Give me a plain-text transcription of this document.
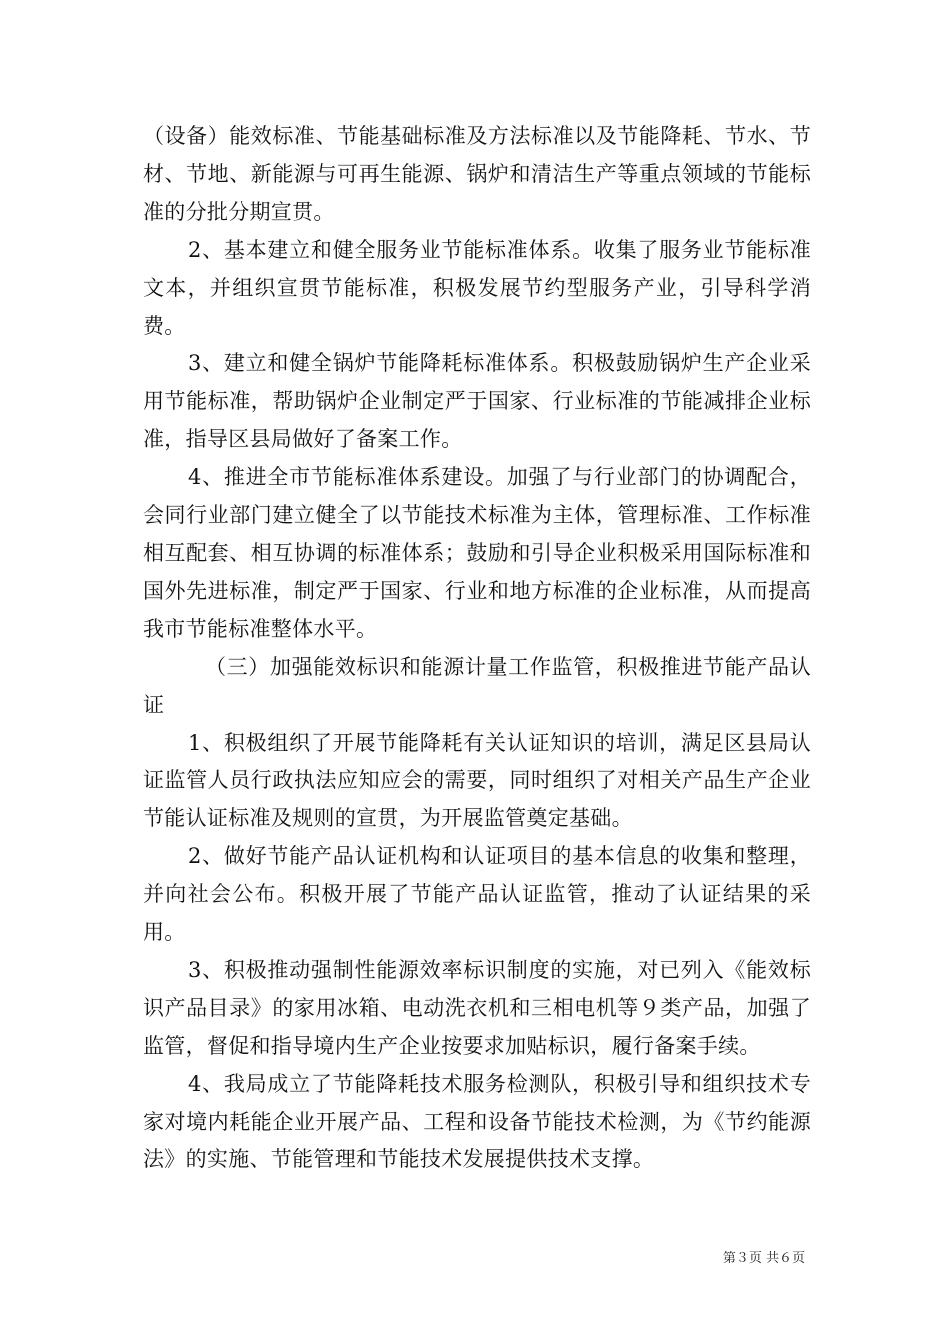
（设备）能效标准、节能基础标准及方法标准以及节能降耗、节水、节材、节地、新能源与可再生能源、锅炉和清洁生产等重点领域的节能标准的分批分期宣贯。

2、基本建立和健全服务业节能标准体系。收集了服务业节能标准文本，并组织宣贯节能标准，积极发展节约型服务产业，引导科学消费。

3、建立和健全锅炉节能降耗标准体系。积极鼓励锅炉生产企业采用节能标准，帮助锅炉企业制定严于国家、行业标准的节能减排企业标准，指导区县局做好了备案工作。

4、推进全市节能标准体系建设。加强了与行业部门的协调配合，会同行业部门建立健全了以节能技术标准为主体，管理标准、工作标准相互配套、相互协调的标准体系；鼓励和引导企业积极采用国际标准和国外先进标准，制定严于国家、行业和地方标准的企业标准，从而提高我市节能标准整体水平。

（三）加强能效标识和能源计量工作监管，积极推进节能产品认证

1、积极组织了开展节能降耗有关认证知识的培训，满足区县局认证监管人员行政执法应知应会的需要，同时组织了对相关产品生产企业节能认证标准及规则的宣贯，为开展监管奠定基础。

2、做好节能产品认证机构和认证项目的基本信息的收集和整理，并向社会公布。积极开展了节能产品认证监管，推动了认证结果的采用。

3、积极推动强制性能源效率标识制度的实施，对已列入《能效标识产品目录》的家用冰箱、电动洗衣机和三相电机等９类产品，加强了监管，督促和指导境内生产企业按要求加贴标识，履行备案手续。

4、我局成立了节能降耗技术服务检测队，积极引导和组织技术专家对境内耗能企业开展产品、工程和设备节能技术检测，为《节约能源法》的实施、节能管理和节能技术发展提供技术支撑。

第３页 共６页
